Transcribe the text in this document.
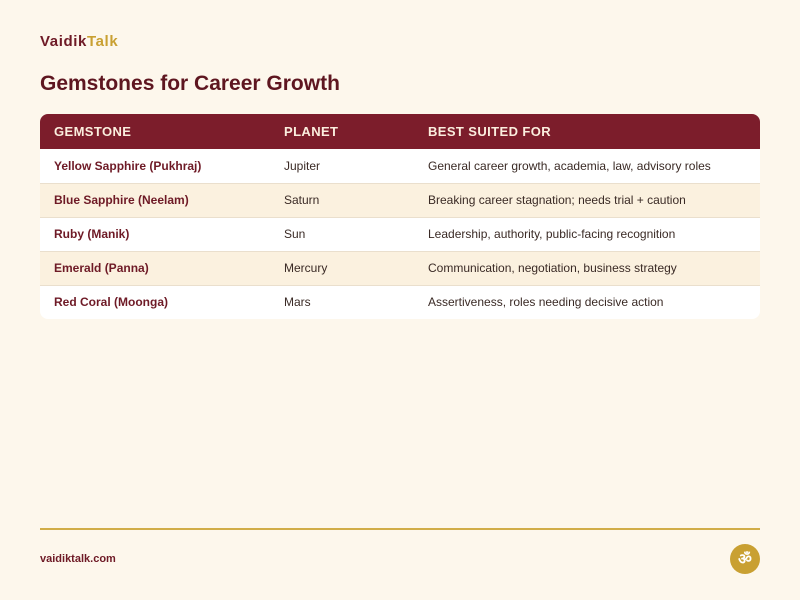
VaidikTalk
Gemstones for Career Growth
GEMSTONE	PLANET	BEST SUITED FOR
Yellow Sapphire (Pukhraj)	Jupiter	General career growth, academia, law, advisory roles
Blue Sapphire (Neelam)	Saturn	Breaking career stagnation; needs trial + caution
Ruby (Manik)	Sun	Leadership, authority, public-facing recognition
Emerald (Panna)	Mercury	Communication, negotiation, business strategy
Red Coral (Moonga)	Mars	Assertiveness, roles needing decisive action
vaidiktalk.com	ॐ
